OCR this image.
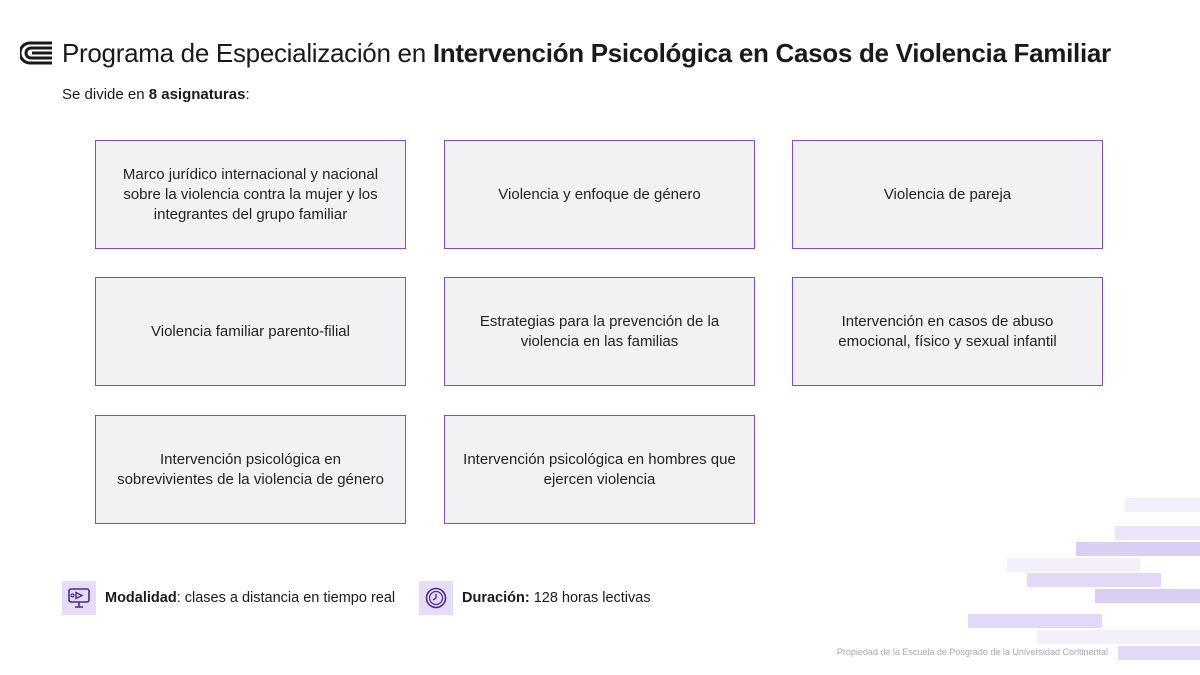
Programa de Especialización en Intervención Psicológica en Casos de Violencia Familiar
Se divide en 8 asignaturas:
Marco jurídico internacional y nacional sobre la violencia contra la mujer y los integrantes del grupo familiar
Violencia y enfoque de género	Violencia de pareja
Violencia familiar parento-filial
Estrategias para la prevención de la violencia en las familias
Intervención en casos de abuso emocional, físico y sexual infantil
Intervención psicológica en sobrevivientes de la violencia de género
Intervención psicológica en hombres que ejercen violencia
Modalidad: clases a distancia en tiempo real	Duración: 128 horas lectivas
Propiedad de la Escuela de Posgrado de la Universidad Continental
